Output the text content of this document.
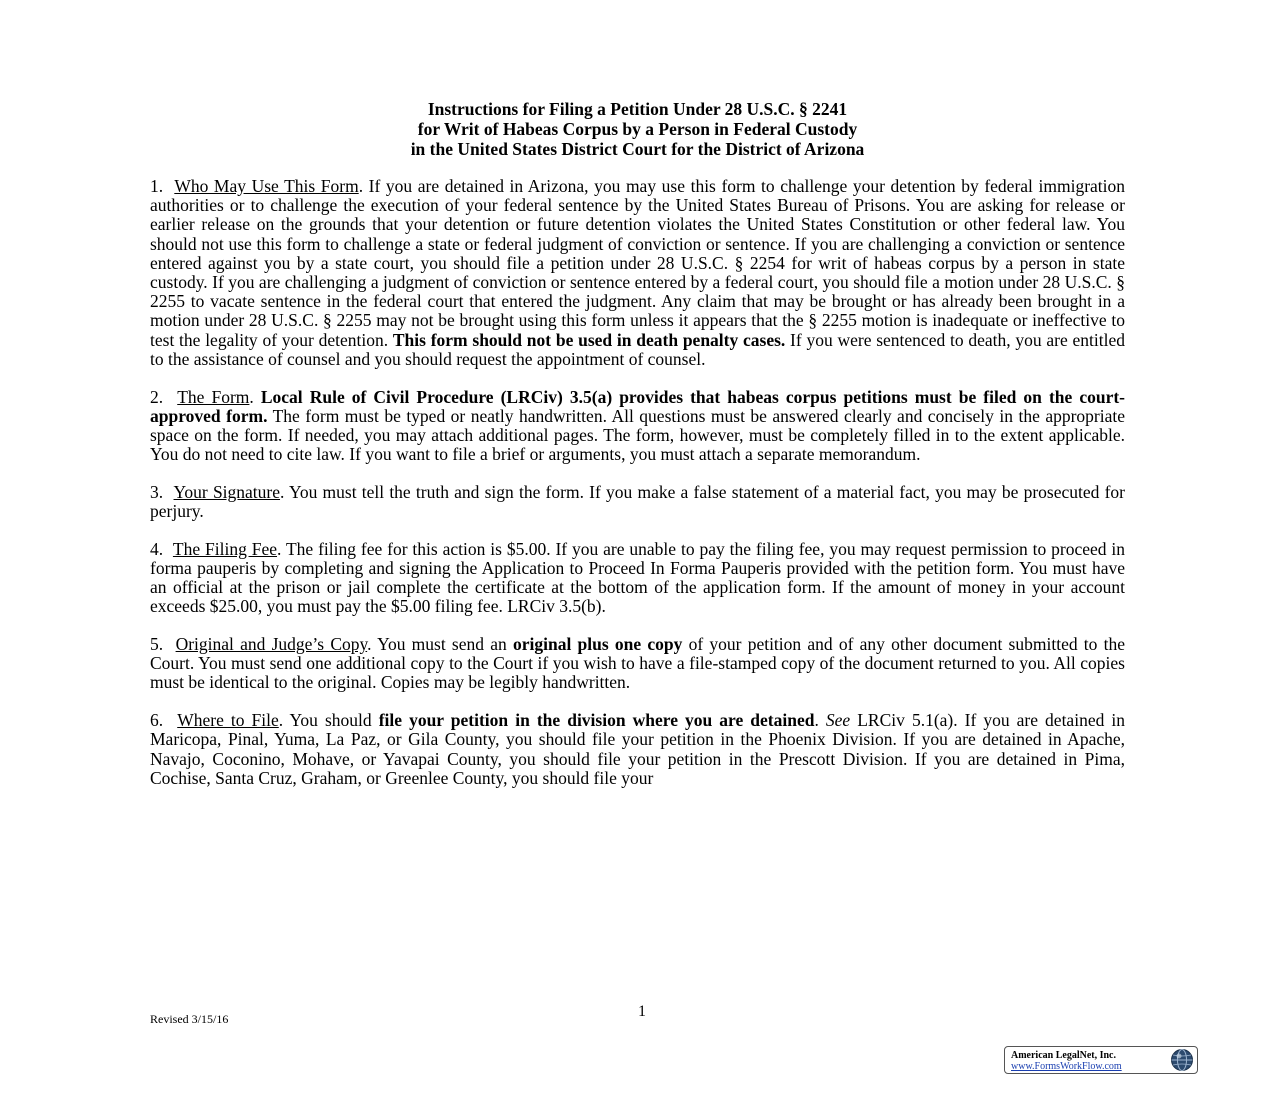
Instructions for Filing a Petition Under 28 U.S.C. § 2241
for Writ of Habeas Corpus by a Person in Federal Custody
in the United States District Court for the District of Arizona

1. Who May Use This Form. If you are detained in Arizona, you may use this form to challenge your detention by federal immigration authorities or to challenge the execution of your federal sentence by the United States Bureau of Prisons. You are asking for release or earlier release on the grounds that your detention or future detention violates the United States Constitution or other federal law. You should not use this form to challenge a state or federal judgment of conviction or sentence. If you are challenging a conviction or sentence entered against you by a state court, you should file a petition under 28 U.S.C. § 2254 for writ of habeas corpus by a person in state custody. If you are challenging a judgment of conviction or sentence entered by a federal court, you should file a motion under 28 U.S.C. § 2255 to vacate sentence in the federal court that entered the judgment. Any claim that may be brought or has already been brought in a motion under 28 U.S.C. § 2255 may not be brought using this form unless it appears that the § 2255 motion is inadequate or ineffective to test the legality of your detention. This form should not be used in death penalty cases. If you were sentenced to death, you are entitled to the assistance of counsel and you should request the appointment of counsel.

2. The Form. Local Rule of Civil Procedure (LRCiv) 3.5(a) provides that habeas corpus petitions must be filed on the court-approved form. The form must be typed or neatly handwritten. All questions must be answered clearly and concisely in the appropriate space on the form. If needed, you may attach additional pages. The form, however, must be completely filled in to the extent applicable. You do not need to cite law. If you want to file a brief or arguments, you must attach a separate memorandum.

3. Your Signature. You must tell the truth and sign the form. If you make a false statement of a material fact, you may be prosecuted for perjury.

4. The Filing Fee. The filing fee for this action is $5.00. If you are unable to pay the filing fee, you may request permission to proceed in forma pauperis by completing and signing the Application to Proceed In Forma Pauperis provided with the petition form. You must have an official at the prison or jail complete the certificate at the bottom of the application form. If the amount of money in your account exceeds $25.00, you must pay the $5.00 filing fee. LRCiv 3.5(b).

5. Original and Judge’s Copy. You must send an original plus one copy of your petition and of any other document submitted to the Court. You must send one additional copy to the Court if you wish to have a file-stamped copy of the document returned to you. All copies must be identical to the original. Copies may be legibly handwritten.

6. Where to File. You should file your petition in the division where you are detained. See LRCiv 5.1(a). If you are detained in Maricopa, Pinal, Yuma, La Paz, or Gila County, you should file your petition in the Phoenix Division. If you are detained in Apache, Navajo, Coconino, Mohave, or Yavapai County, you should file your petition in the Prescott Division. If you are detained in Pima, Cochise, Santa Cruz, Graham, or Greenlee County, you should file your

Revised 3/15/16	1
American LegalNet, Inc.
www.FormsWorkFlow.com
